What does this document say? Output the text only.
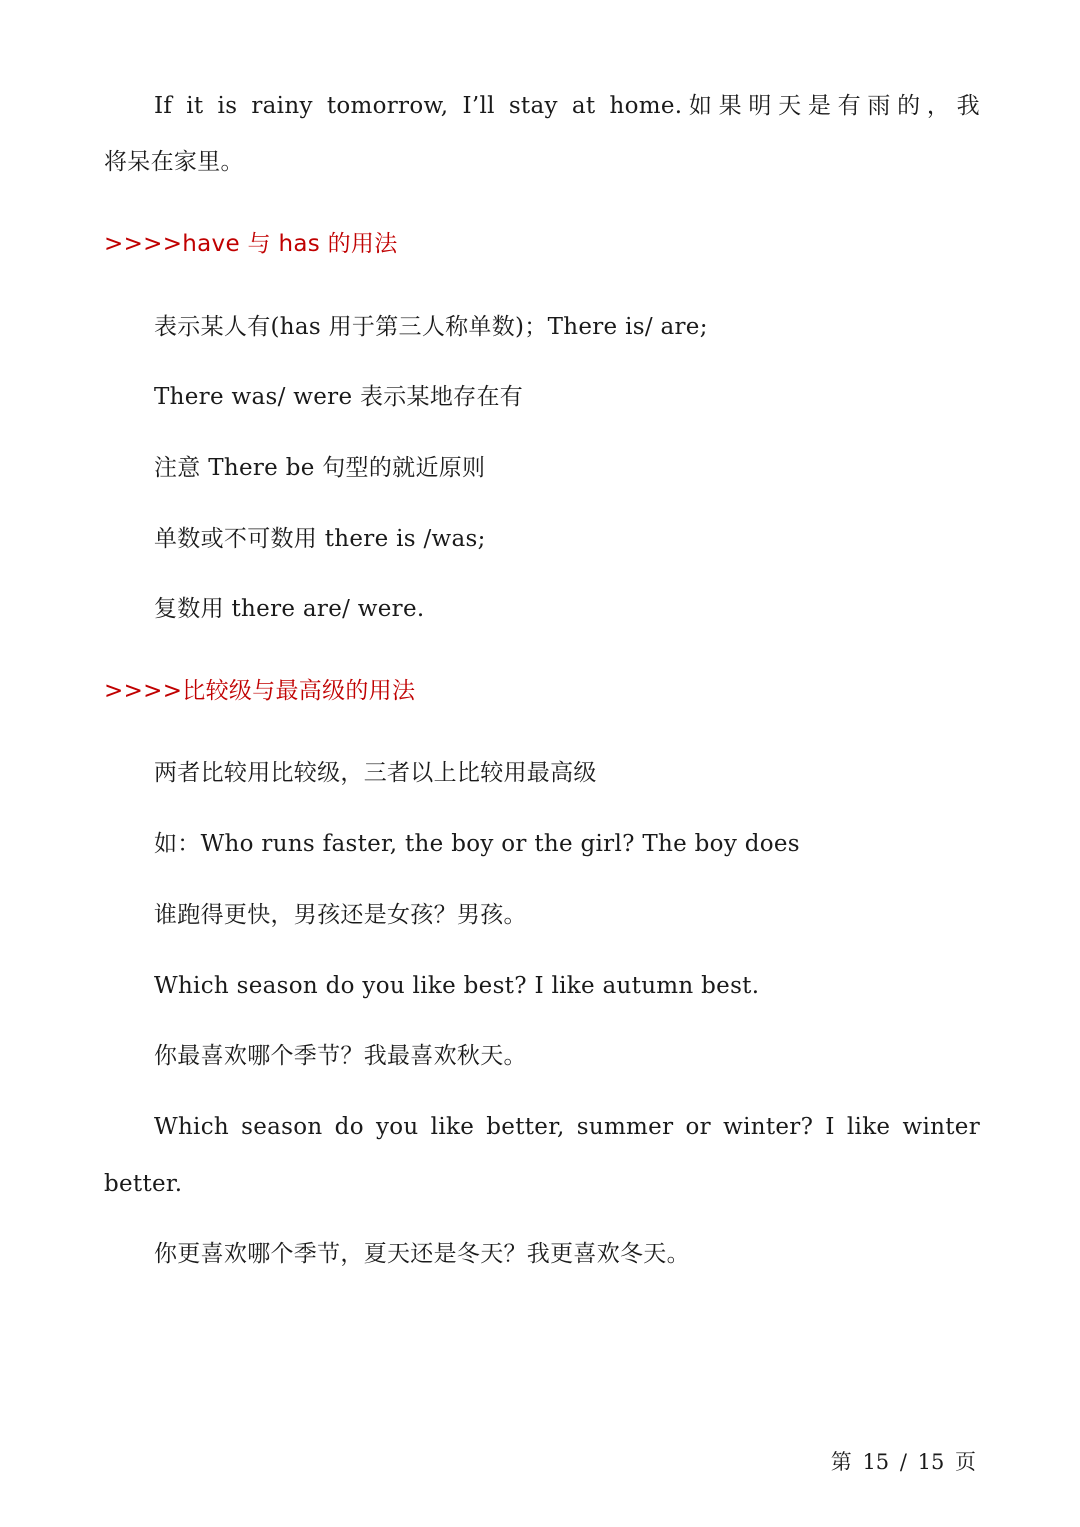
If it is rainy tomorrow, I’ll stay at home.如果明天是有雨的，我
将呆在家里。
>>>>have 与 has 的用法
表示某人有(has 用于第三人称单数)；There is/ are;
There was/ were 表示某地存在有
注意 There be 句型的就近原则
单数或不可数用 there is /was;
复数用 there are/ were.
>>>>比较级与最高级的用法
两者比较用比较级，三者以上比较用最高级
如：Who runs faster, the boy or the girl? The boy does
谁跑得更快，男孩还是女孩？男孩。
Which season do you like best? I like autumn best.
你最喜欢哪个季节？我最喜欢秋天。
Which season do you like better, summer or winter? I like winter
better.
你更喜欢哪个季节，夏天还是冬天？我更喜欢冬天。
第 15 / 15 页
